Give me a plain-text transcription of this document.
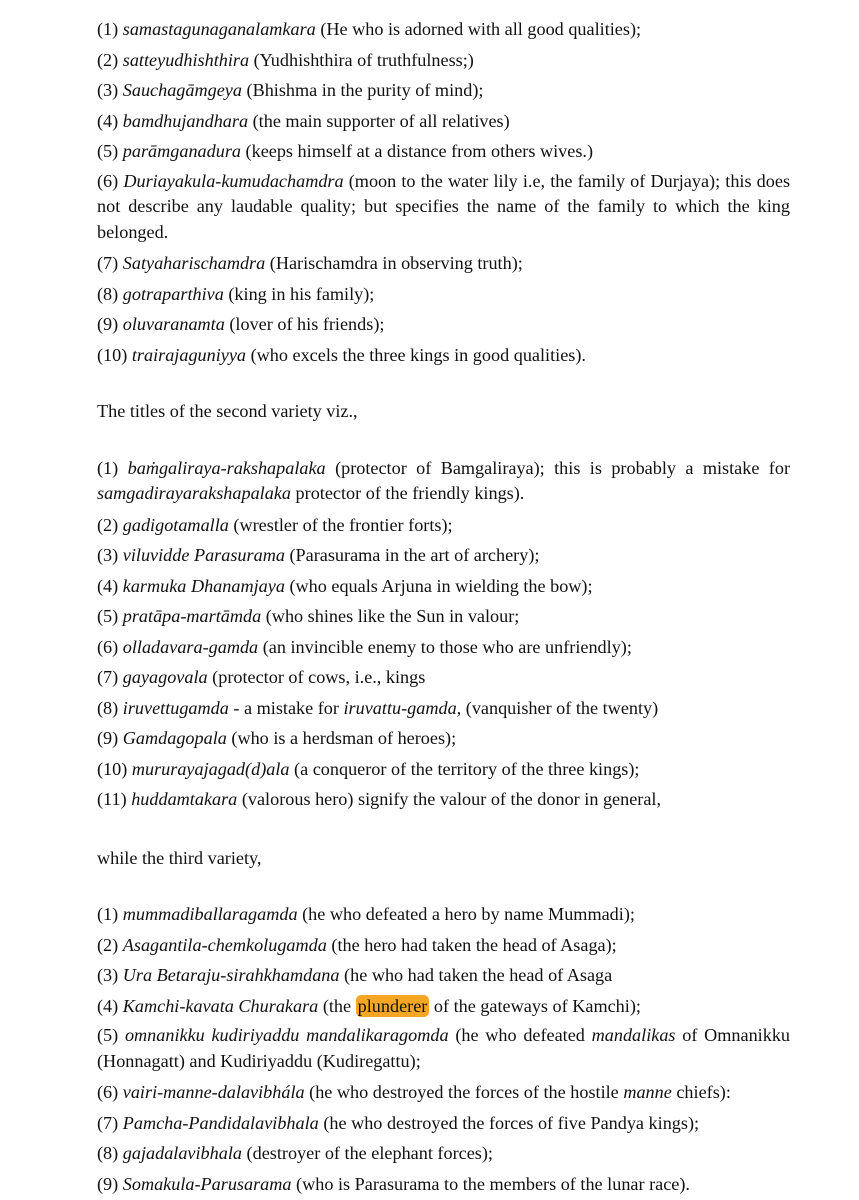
(1) samastagunaganalamkara (He who is adorned with all good qualities);

(2) satteyudhishthira (Yudhishthira of truthfulness;)

(3) Sauchagāmgeya (Bhishma in the purity of mind);

(4) bamdhujandhara (the main supporter of all relatives)

(5) parāmganadura (keeps himself at a distance from others wives.)

(6) Duriayakula-kumudachamdra (moon to the water lily i.e, the family of Durjaya); this does not describe any laudable quality; but specifies the name of the family to which the king belonged.

(7) Satyaharischamdra (Harischamdra in observing truth);

(8) gotraparthiva (king in his family);

(9) oluvaranamta (lover of his friends);

(10) trairajaguniyya (who excels the three kings in good qualities).

The titles of the second variety viz.,

(1) baṁgaliraya-rakshapalaka (protector of Bamgaliraya); this is probably a mistake for samgadirayarakshapalaka protector of the friendly kings).

(2) gadigotamalla (wrestler of the frontier forts);

(3) viluvidde Parasurama (Parasurama in the art of archery);

(4) karmuka Dhanamjaya (who equals Arjuna in wielding the bow);

(5) pratāpa-martāmda (who shines like the Sun in valour;

(6) olladavara-gamda (an invincible enemy to those who are unfriendly);

(7) gayagovala (protector of cows, i.e., kings

(8) iruvettugamda - a mistake for iruvattu-gamda, (vanquisher of the twenty)

(9) Gamdagopala (who is a herdsman of heroes);

(10) mururayajagad(d)ala (a conqueror of the territory of the three kings);

(11) huddamtakara (valorous hero) signify the valour of the donor in general,

while the third variety,

(1) mummadiballaragamda (he who defeated a hero by name Mummadi);

(2) Asagantila-chemkolugamda (the hero had taken the head of Asaga);

(3) Ura Betaraju-sirahkhamdana (he who had taken the head of Asaga

(4) Kamchi-kavata Churakara (the plunderer of the gateways of Kamchi);

(5) omnanikku kudiriyaddu mandalikaragomda (he who defeated mandalikas of Omnanikku (Honnagatt) and Kudiriyaddu (Kudiregattu);

(6) vairi-manne-dalavibhála (he who destroyed the forces of the hostile manne chiefs):

(7) Pamcha-Pandidalavibhala (he who destroyed the forces of five Pandya kings);

(8) gajadalavibhala (destroyer of the elephant forces);

(9) Somakula-Parusarama (who is Parasurama to the members of the lunar race).
